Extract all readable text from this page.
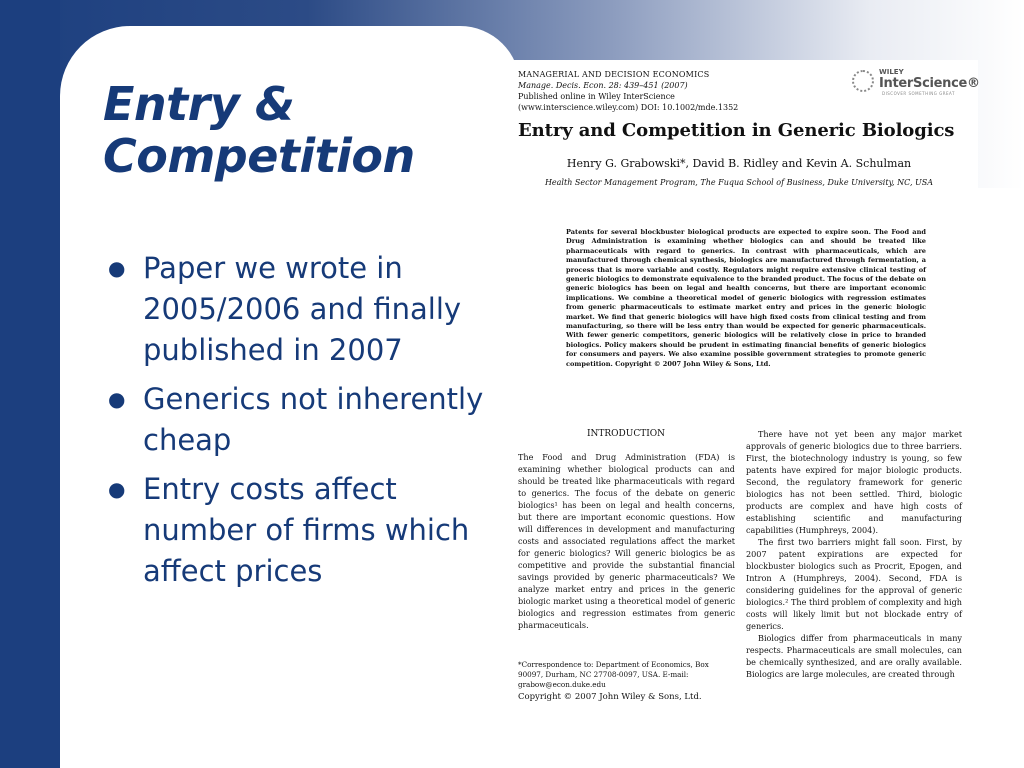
Entry &
Competition
● Paper we wrote in 2005/2006 and finally published in 2007
● Generics not inherently cheap
● Entry costs affect number of firms which affect prices
MANAGERIAL AND DECISION ECONOMICS
Manage. Decis. Econ. 28: 439–451 (2007)
Published online in Wiley InterScience
(www.interscience.wiley.com) DOI: 10.1002/mde.1352
WILEY
InterScience®
DISCOVER SOMETHING GREAT
Entry and Competition in Generic Biologics
Henry G. Grabowski*, David B. Ridley and Kevin A. Schulman
Health Sector Management Program, The Fuqua School of Business, Duke University, NC, USA
Patents for several blockbuster biological products are expected to expire soon. The Food and Drug Administration is examining whether biologics can and should be treated like pharmaceuticals with regard to generics. In contrast with pharmaceuticals, which are manufactured through chemical synthesis, biologics are manufactured through fermentation, a process that is more variable and costly. Regulators might require extensive clinical testing of generic biologics to demonstrate equivalence to the branded product. The focus of the debate on generic biologics has been on legal and health concerns, but there are important economic implications. We combine a theoretical model of generic biologics with regression estimates from generic pharmaceuticals to estimate market entry and prices in the generic biologic market. We find that generic biologics will have high fixed costs from clinical testing and from manufacturing, so there will be less entry than would be expected for generic pharmaceuticals. With fewer generic competitors, generic biologics will be relatively close in price to branded biologics. Policy makers should be prudent in estimating financial benefits of generic biologics for consumers and payers. We also examine possible government strategies to promote generic competition. Copyright © 2007 John Wiley & Sons, Ltd.
INTRODUCTION

The Food and Drug Administration (FDA) is examining whether biological products can and should be treated like pharmaceuticals with regard to generics. The focus of the debate on generic biologics¹ has been on legal and health concerns, but there are important economic questions. How will differences in development and manufacturing costs and associated regulations affect the market for generic biologics? Will generic biologics be as competitive and provide the substantial financial savings provided by generic pharmaceuticals? We analyze market entry and prices in the generic biologic market using a theoretical model of generic biologics and regression estimates from generic pharmaceuticals.

There have not yet been any major market approvals of generic biologics due to three barriers. First, the biotechnology industry is young, so few patents have expired for major biologic products. Second, the regulatory framework for generic biologics has not been settled. Third, biologic products are complex and have high costs of establishing scientific and manufacturing capabilities (Humphreys, 2004).

The first two barriers might fall soon. First, by 2007 patent expirations are expected for blockbuster biologics such as Procrit, Epogen, and Intron A (Humphreys, 2004). Second, FDA is considering guidelines for the approval of generic biologics.² The third problem of complexity and high costs will likely limit but not blockade entry of generics.

Biologics differ from pharmaceuticals in many respects. Pharmaceuticals are small molecules, can be chemically synthesized, and are orally available. Biologics are large molecules, are created through

*Correspondence to: Department of Economics, Box 90097, Durham, NC 27708-0097, USA. E-mail: grabow@econ.duke.edu
Copyright © 2007 John Wiley & Sons, Ltd.
